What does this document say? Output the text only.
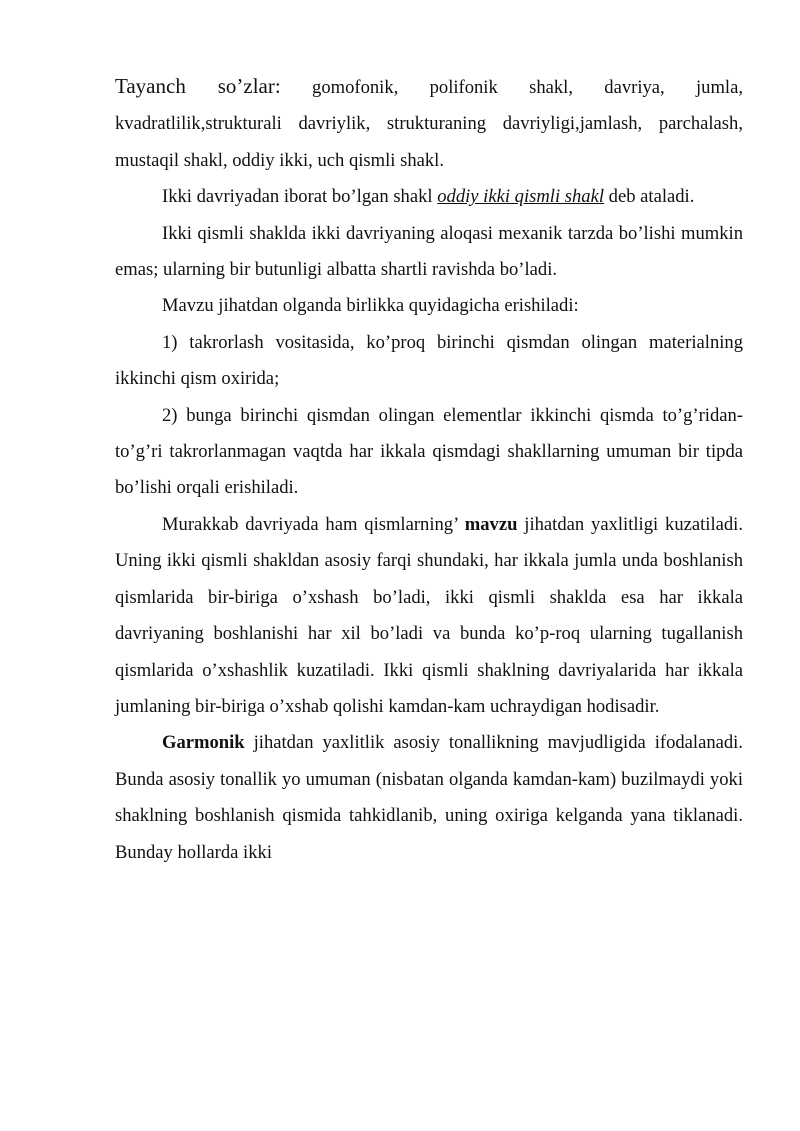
Tayanch so’zlar: gomofonik, polifonik shakl, davriya, jumla, kvadratlilik,strukturali davriylik, strukturaning davriyligi,jamlash, parchalash, mustaqil shakl, oddiy ikki, uch qismli shakl.

Ikki davriyadan iborat bo’lgan shakl oddiy ikki qismli shakl deb ataladi.

Ikki qismli shaklda ikki davriyaning aloqasi mexanik tarzda bo’lishi mumkin emas; ularning bir butunligi albatta shartli ravishda bo’ladi.

Mavzu jihatdan olganda birlikka quyidagicha erishiladi:

1) takrorlash vositasida, ko’proq birinchi qismdan olingan materialning ikkinchi qism oxirida;

2) bunga birinchi qismdan olingan elementlar ikkinchi qismda to’g’ridan-to’g’ri takrorlanmagan vaqtda har ikkala qismdagi shakllarning umuman bir tipda bo’lishi orqali erishiladi.

Murakkab davriyada ham qismlarning’ mavzu jihatdan yaxlitligi kuzatiladi. Uning ikki qismli shakldan asosiy farqi shundaki, har ikkala jumla unda boshlanish qismlarida bir-biriga o’xshash bo’ladi, ikki qismli shaklda esa har ikkala davriyaning boshlanishi har xil bo’ladi va bunda ko’p-roq ularning tugallanish qismlarida o’xshashlik kuzatiladi. Ikki qismli shaklning davriyalarida har ikkala jumlaning bir-biriga o’xshab qolishi kamdan-kam uchraydigan hodisadir.

Garmonik jihatdan yaxlitlik asosiy tonallikning mavjudligida ifodalanadi. Bunda asosiy tonallik yo umuman (nisbatan olganda kamdan-kam) buzilmaydi yoki shaklning boshlanish qismida tahkidlanib, uning oxiriga kelganda yana tiklanadi. Bunday hollarda ikki
